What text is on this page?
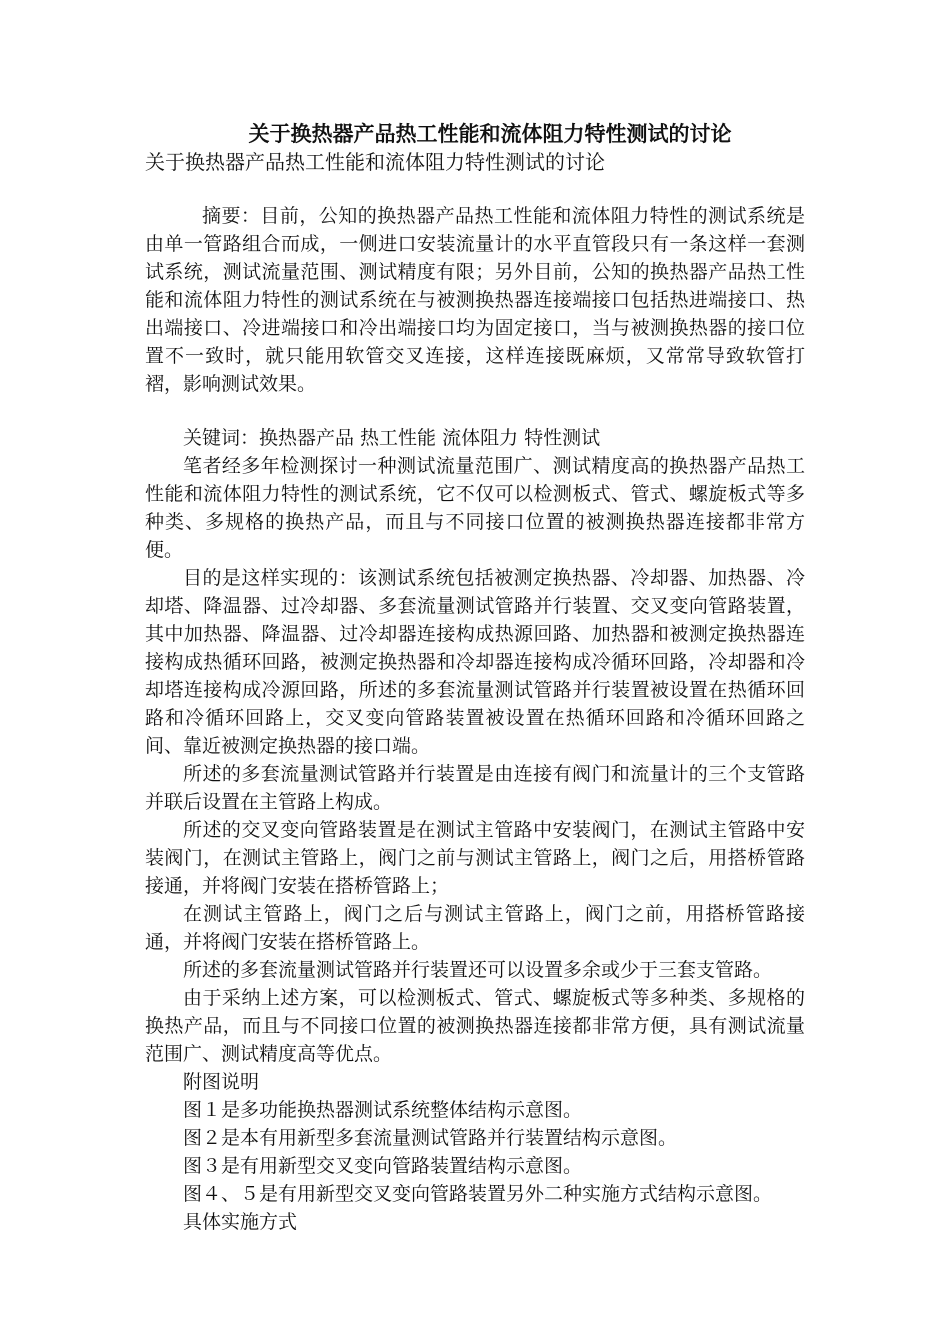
关于换热器产品热工性能和流体阻力特性测试的讨论
关于换热器产品热工性能和流体阻力特性测试的讨论

摘要：目前，公知的换热器产品热工性能和流体阻力特性的测试系统是由单一管路组合而成，一侧进口安装流量计的水平直管段只有一条这样一套测试系统，测试流量范围、测试精度有限；另外目前，公知的换热器产品热工性能和流体阻力特性的测试系统在与被测换热器连接端接口包括热进端接口、热出端接口、冷进端接口和冷出端接口均为固定接口，当与被测换热器的接口位置不一致时，就只能用软管交叉连接，这样连接既麻烦，又常常导致软管打褶，影响测试效果。

关键词：换热器产品 热工性能 流体阻力 特性测试

笔者经多年检测探讨一种测试流量范围广、测试精度高的换热器产品热工性能和流体阻力特性的测试系统，它不仅可以检测板式、管式、螺旋板式等多种类、多规格的换热产品，而且与不同接口位置的被测换热器连接都非常方便。

目的是这样实现的：该测试系统包括被测定换热器、冷却器、加热器、冷却塔、降温器、过冷却器、多套流量测试管路并行装置、交叉变向管路装置，其中加热器、降温器、过冷却器连接构成热源回路、加热器和被测定换热器连接构成热循环回路，被测定换热器和冷却器连接构成冷循环回路，冷却器和冷却塔连接构成冷源回路，所述的多套流量测试管路并行装置被设置在热循环回路和冷循环回路上，交叉变向管路装置被设置在热循环回路和冷循环回路之间、靠近被测定换热器的接口端。

所述的多套流量测试管路并行装置是由连接有阀门和流量计的三个支管路并联后设置在主管路上构成。

所述的交叉变向管路装置是在测试主管路中安装阀门，在测试主管路中安装阀门，在测试主管路上，阀门之前与测试主管路上，阀门之后，用搭桥管路接通，并将阀门安装在搭桥管路上；

在测试主管路上，阀门之后与测试主管路上，阀门之前，用搭桥管路接通，并将阀门安装在搭桥管路上。

所述的多套流量测试管路并行装置还可以设置多余或少于三套支管路。

由于采纳上述方案，可以检测板式、管式、螺旋板式等多种类、多规格的换热产品，而且与不同接口位置的被测换热器连接都非常方便，具有测试流量范围广、测试精度高等优点。

附图说明

图１是多功能换热器测试系统整体结构示意图。

图２是本有用新型多套流量测试管路并行装置结构示意图。

图３是有用新型交叉变向管路装置结构示意图。

图４、５是有用新型交叉变向管路装置另外二种实施方式结构示意图。

具体实施方式
